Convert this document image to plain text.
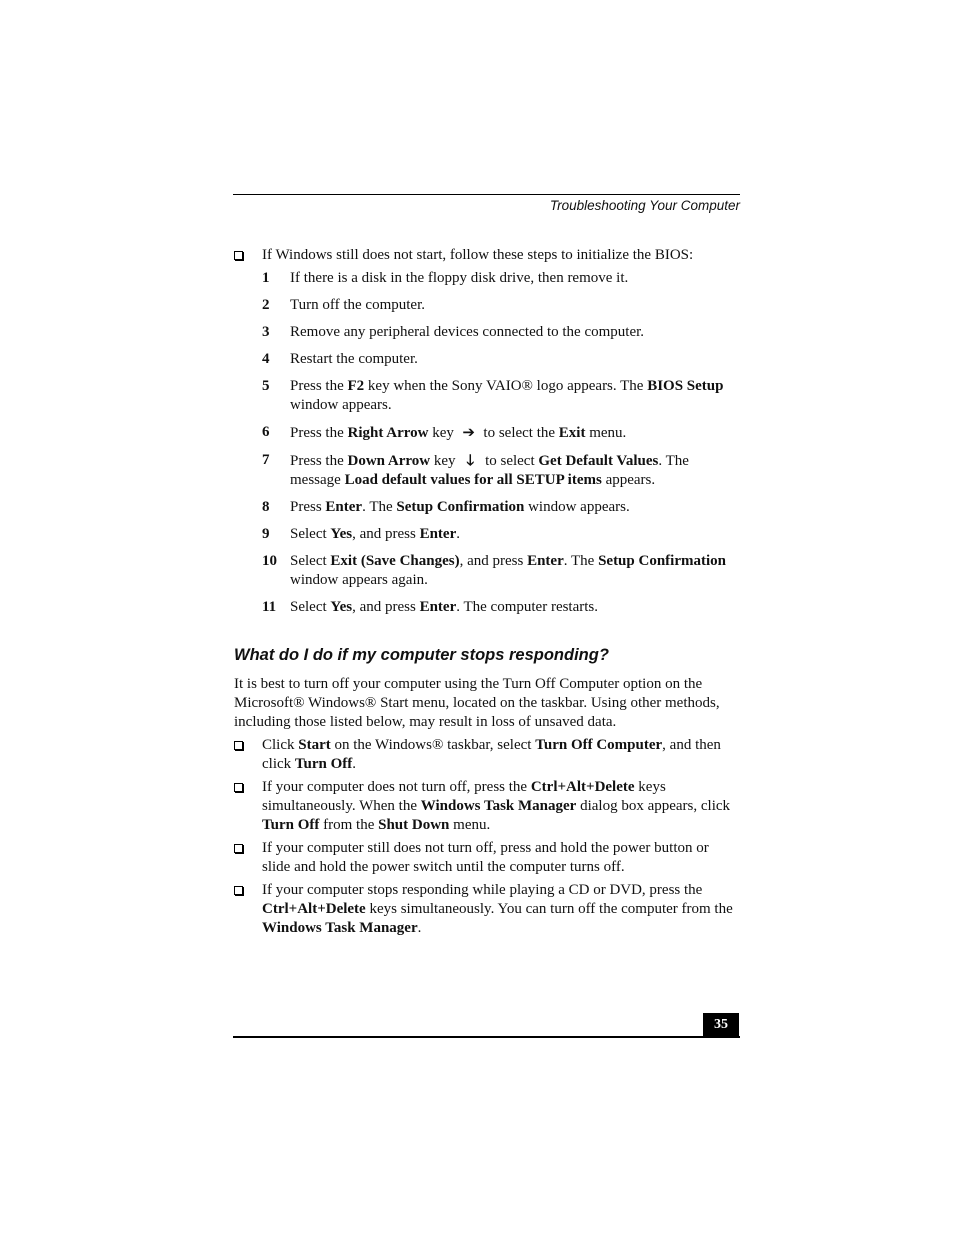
Troubleshooting Your Computer
If Windows still does not start, follow these steps to initialize the BIOS:
1 If there is a disk in the floppy disk drive, then remove it.
2 Turn off the computer.
3 Remove any peripheral devices connected to the computer.
4 Restart the computer.
5 Press the F2 key when the Sony VAIO® logo appears. The BIOS Setup window appears.
6 Press the Right Arrow key ➔ to select the Exit menu.
7 Press the Down Arrow key 🡓 to select Get Default Values. The message Load default values for all SETUP items appears.
8 Press Enter. The Setup Confirmation window appears.
9 Select Yes, and press Enter.
10 Select Exit (Save Changes), and press Enter. The Setup Confirmation window appears again.
11 Select Yes, and press Enter. The computer restarts.
What do I do if my computer stops responding?

It is best to turn off your computer using the Turn Off Computer option on the Microsoft® Windows® Start menu, located on the taskbar. Using other methods, including those listed below, may result in loss of unsaved data.

Click Start on the Windows® taskbar, select Turn Off Computer, and then click Turn Off.
If your computer does not turn off, press the Ctrl+Alt+Delete keys simultaneously. When the Windows Task Manager dialog box appears, click Turn Off from the Shut Down menu.
If your computer still does not turn off, press and hold the power button or slide and hold the power switch until the computer turns off.
If your computer stops responding while playing a CD or DVD, press the Ctrl+Alt+Delete keys simultaneously. You can turn off the computer from the Windows Task Manager.
35
